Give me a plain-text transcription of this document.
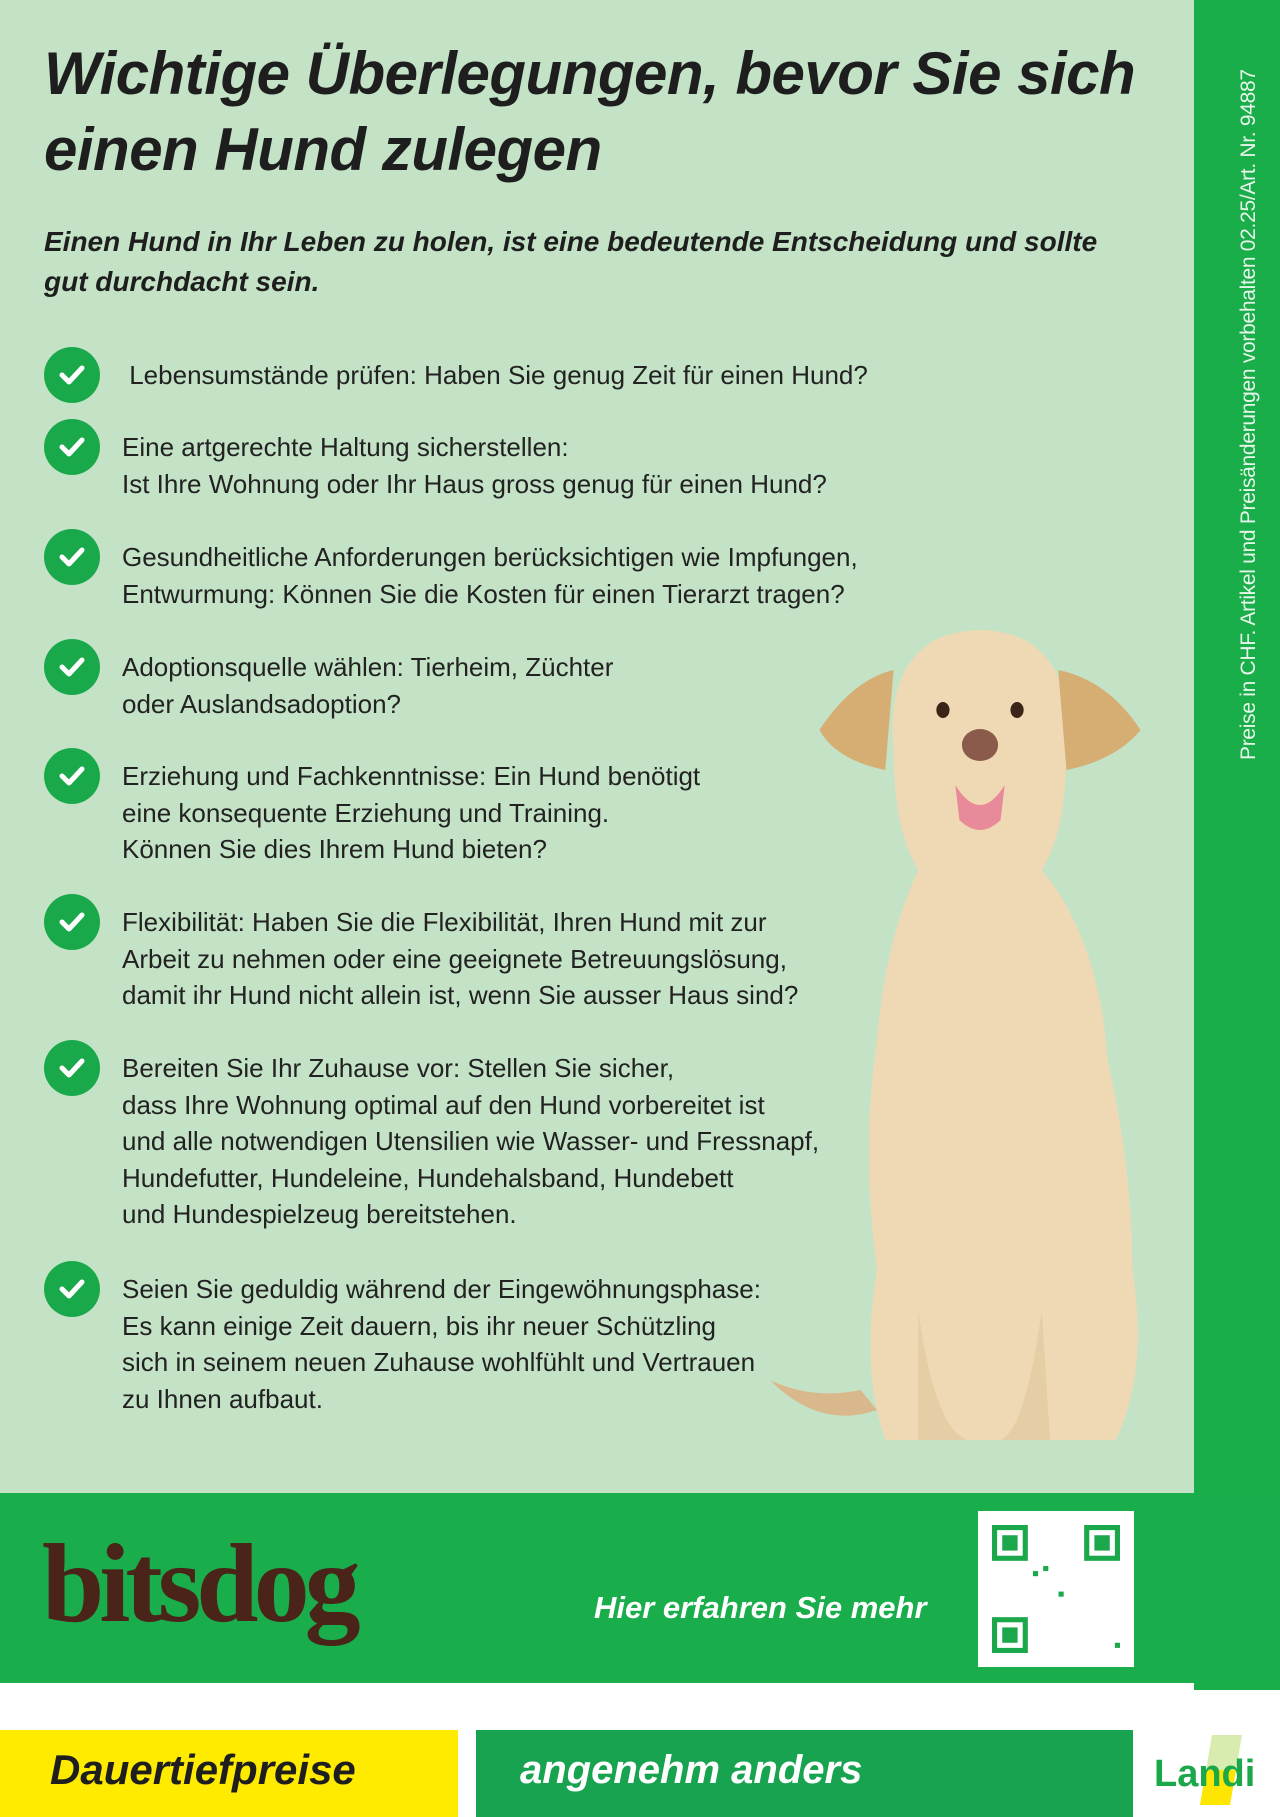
Preise in CHF. Artikel und Preisänderungen vorbehalten 02.25/Art. Nr. 94887
Wichtige Überlegungen, bevor Sie sich einen Hund zulegen

Einen Hund in Ihr Leben zu holen, ist eine bedeutende Entscheidung und sollte gut durchdacht sein.

Lebensumstände prüfen: Haben Sie genug Zeit für einen Hund?
Eine artgerechte Haltung sicherstellen:
Ist Ihre Wohnung oder Ihr Haus gross genug für einen Hund?
Gesundheitliche Anforderungen berücksichtigen wie Impfungen,
Entwurmung: Können Sie die Kosten für einen Tierarzt tragen?
Adoptionsquelle wählen: Tierheim, Züchter
oder Auslandsadoption?
Erziehung und Fachkenntnisse: Ein Hund benötigt
eine konsequente Erziehung und Training.
Können Sie dies Ihrem Hund bieten?
Flexibilität: Haben Sie die Flexibilität, Ihren Hund mit zur
Arbeit zu nehmen oder eine geeignete Betreuungslösung,
damit ihr Hund nicht allein ist, wenn Sie ausser Haus sind?
Bereiten Sie Ihr Zuhause vor: Stellen Sie sicher,
dass Ihre Wohnung optimal auf den Hund vorbereitet ist
und alle notwendigen Utensilien wie Wasser- und Fressnapf,
Hundefutter, Hundeleine, Hundehalsband, Hundebett
und Hundespielzeug bereitstehen.
Seien Sie geduldig während der Eingewöhnungsphase:
Es kann einige Zeit dauern, bis ihr neuer Schützling
sich in seinem neuen Zuhause wohlfühlt und Vertrauen
zu Ihnen aufbaut.
bitsdog	Hier erfahren Sie mehr
Dauertiefpreise	angenehm anders	Landi
